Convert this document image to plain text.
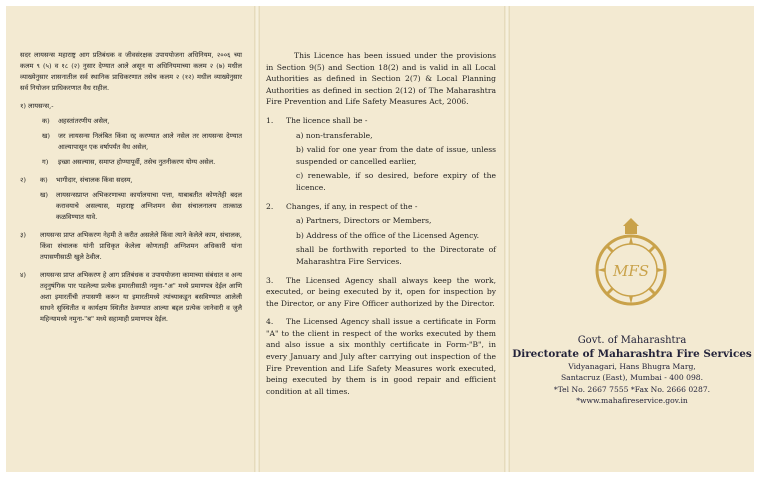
सदर लायसन्स महाराष्ट्र आग प्रतिबंधक व जीवसंरक्षक उपाययोजना अधिनियम, २००६ च्या कलम ९ (५) व १८ (२) नुसार देण्यात आले असून या अधिनियमाच्या कलम २ (७) मधील व्याख्येनुसार शासनातील सर्व स्थानिक प्राधिकरणात तसेच कलम २ (१२) मधील व्याख्येनुसार सर्व नियोजन प्राधिकरणात वैध राहील.
१) लायसन्स,-
क)	अहस्तांतरणीय असेल,
ख)	जर लायसन्स निलंबित किंवा रद्द करण्यात आले नसेल तर लायसन्स देण्यात आल्यापासून एक वर्षापर्यंत वैध असेल,
ग)	इच्छा असल्यास, समाप्त होण्यापूर्वी, तसेच नुतनीकरण योग्य असेल.
२)	क)	भागीदार, संचालक किंवा सदस्य,
ख)	लायसन्सप्राप्त अभिकरणाच्या कार्यालयाचा पत्ता, याबाबतीत कोणतेही बदल करावयाचे असल्यास, महाराष्ट्र अग्निशमन सेवा संचालनालय तात्काळ कळविण्यात यावे.
३)	लायसन्स प्राप्त अभिकरण नेहमी ते करीत असलेले किंवा त्याने केलेले काम, संचालक, किंवा संचालक यांनी प्राधिकृत केलेला कोणताही अग्निशमन अधिकारी यांना तपासणीसाठी खुले ठेवील.
४)	लायसन्स प्राप्त अभिकरण हे आग प्रतिबंधक व उपाययोजना कामाच्या संबंधात व अन्य तद्नुषंगिक पार पडलेल्या प्रत्येक इमारतीसाठी नमुना-"अ" मध्ये प्रमाणपत्र देईल आणि अशा इमारतींची तपासणी करून या इमारतीमध्ये त्यांच्याकडून बसविण्यात आलेली साधने सुस्थितीत व कार्यक्षम स्थितीत ठेवण्यात आल्या बद्दल प्रत्येक जानेवारी व जुलै महिन्यामध्ये नमुना-"ब" मध्ये सहामाही प्रमाणपत्र देईल.
This Licence has been issued under the provisions in Section 9(5) and Section 18(2) and is valid in all Local Authorities as defined in Section 2(7) & Local Planning Authorities as defined in section 2(12) of The Maharashtra Fire Prevention and Life Safety Measures Act, 2006.
1.	The licence shall be -
a) non-transferable,
b) valid for one year from the date of issue, unless suspended or cancelled earlier,
c) renewable, if so desired, before expiry of the licence.
2.	Changes, if any, in respect of the -
a) Partners, Directors or Members,
b) Address of the office of the Licensed Agency.
shall be forthwith reported to the Directorate of Maharashtra Fire Services.
3. The Licensed Agency shall always keep the work, executed, or being executed by it, open for inspection by the Director, or any Fire Officer authorized by the Director.
4. The Licensed Agency shall issue a certificate in Form "A" to the client in respect of the works executed by them and also issue a six monthly certificate in Form-"B", in every January and July after carrying out inspection of the Fire Prevention and Life Safety Measures work executed, being executed by them is in good repair and efficient condition at all times.
MFS
Govt. of Maharashtra
Directorate of Maharashtra Fire Services
Vidyanagari, Hans Bhugra Marg,
Santacruz (East), Mumbai - 400 098.
*Tel No. 2667 7555 *Fax No. 2666 0287.
*www.mahafireservice.gov.in
